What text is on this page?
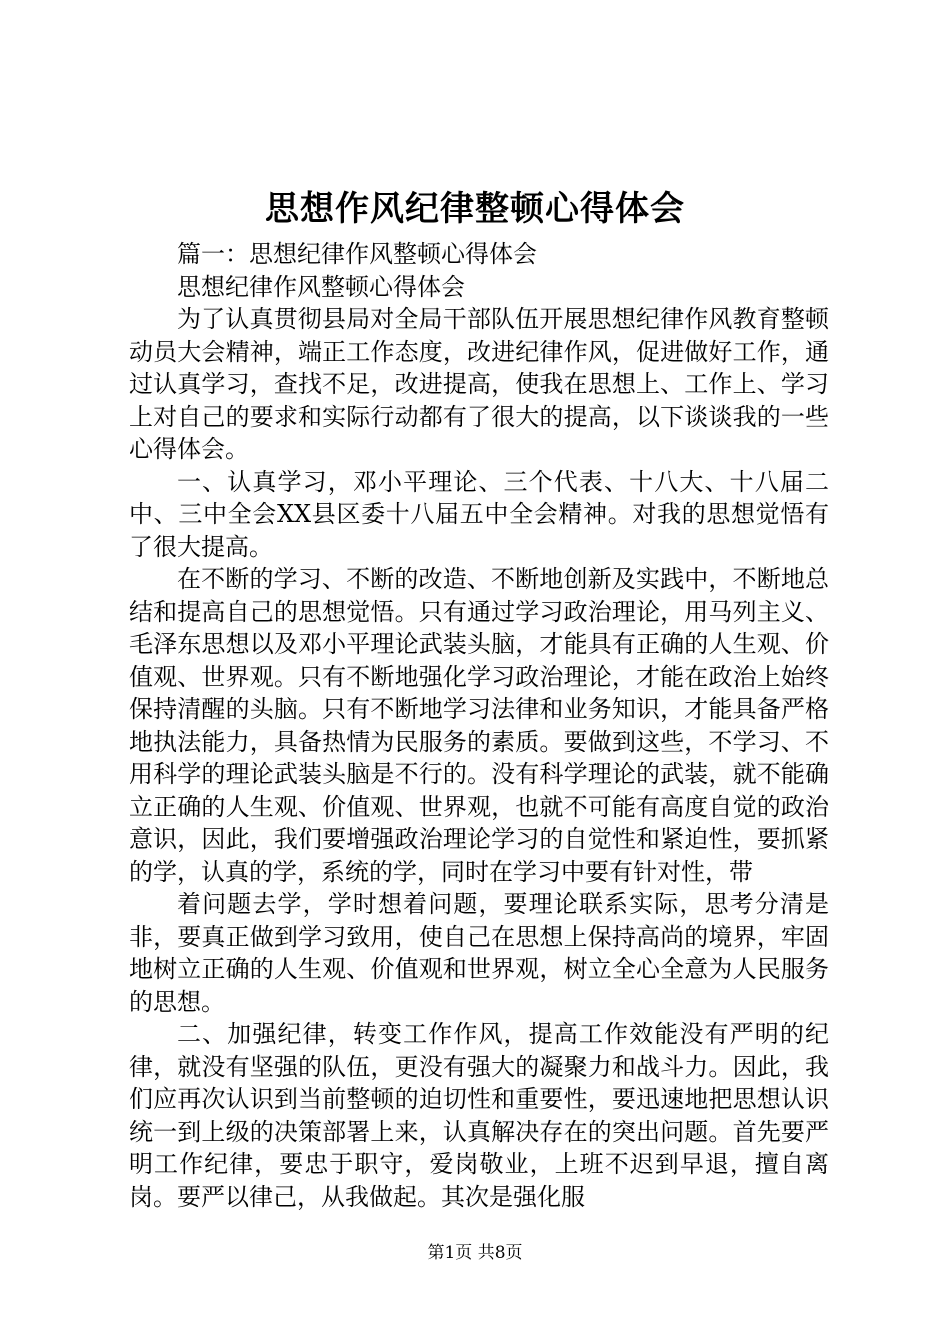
思想作风纪律整顿心得体会

篇一：思想纪律作风整顿心得体会

思想纪律作风整顿心得体会

为了认真贯彻县局对全局干部队伍开展思想纪律作风教育整顿动员大会精神，端正工作态度，改进纪律作风，促进做好工作，通过认真学习，查找不足，改进提高，使我在思想上、工作上、学习上对自己的要求和实际行动都有了很大的提高，以下谈谈我的一些心得体会。

一、认真学习，邓小平理论、三个代表、十八大、十八届二中、三中全会XX县区委十八届五中全会精神。对我的思想觉悟有了很大提高。

在不断的学习、不断的改造、不断地创新及实践中，不断地总结和提高自己的思想觉悟。只有通过学习政治理论，用马列主义、毛泽东思想以及邓小平理论武装头脑，才能具有正确的人生观、价值观、世界观。只有不断地强化学习政治理论，才能在政治上始终保持清醒的头脑。只有不断地学习法律和业务知识，才能具备严格地执法能力，具备热情为民服务的素质。要做到这些，不学习、不用科学的理论武装头脑是不行的。没有科学理论的武装，就不能确立正确的人生观、价值观、世界观，也就不可能有高度自觉的政治意识，因此，我们要增强政治理论学习的自觉性和紧迫性，要抓紧的学，认真的学，系统的学，同时在学习中要有针对性，带

着问题去学，学时想着问题，要理论联系实际，思考分清是非，要真正做到学习致用，使自己在思想上保持高尚的境界，牢固地树立正确的人生观、价值观和世界观，树立全心全意为人民服务的思想。

二、加强纪律，转变工作作风，提高工作效能没有严明的纪律，就没有坚强的队伍，更没有强大的凝聚力和战斗力。因此，我们应再次认识到当前整顿的迫切性和重要性，要迅速地把思想认识统一到上级的决策部署上来，认真解决存在的突出问题。首先要严明工作纪律，要忠于职守，爱岗敬业，上班不迟到早退，擅自离岗。要严以律己，从我做起。其次是强化服

第1页 共8页
